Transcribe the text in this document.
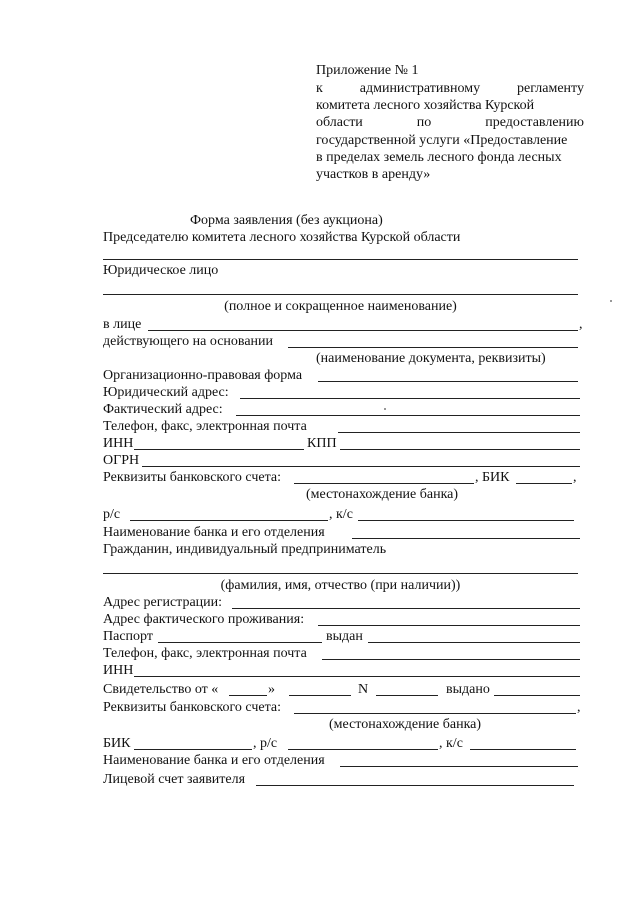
Приложение № 1
к	административному	регламенту
комитета лесного хозяйства Курской
области	по	предоставлению
государственной услуги «Предоставление
в пределах земель лесного фонда лесных
участков в аренду»
Форма заявления (без аукциона)
Председателю комитета лесного хозяйства Курской области
Юридическое лицо
(полное и сокращенное наименование)
в лице	,
действующего на основании
(наименование документа, реквизиты)
Организационно-правовая форма
Юридический адрес:
Фактический адрес:
Телефон, факс, электронная почта
ИНН	КПП
ОГРН
Реквизиты банковского счета:	, БИК	,
(местонахождение банка)
р/с	, к/с
Наименование банка и его отделения
Гражданин, индивидуальный предприниматель
(фамилия, имя, отчество (при наличии))
Адрес регистрации:
Адрес фактического проживания:
Паспорт	выдан
Телефон, факс, электронная почта
ИНН
Свидетельство от «	»	N	выдано
Реквизиты банковского счета:	,
(местонахождение банка)
БИК	, р/с	, к/с
Наименование банка и его отделения
Лицевой счет заявителя
